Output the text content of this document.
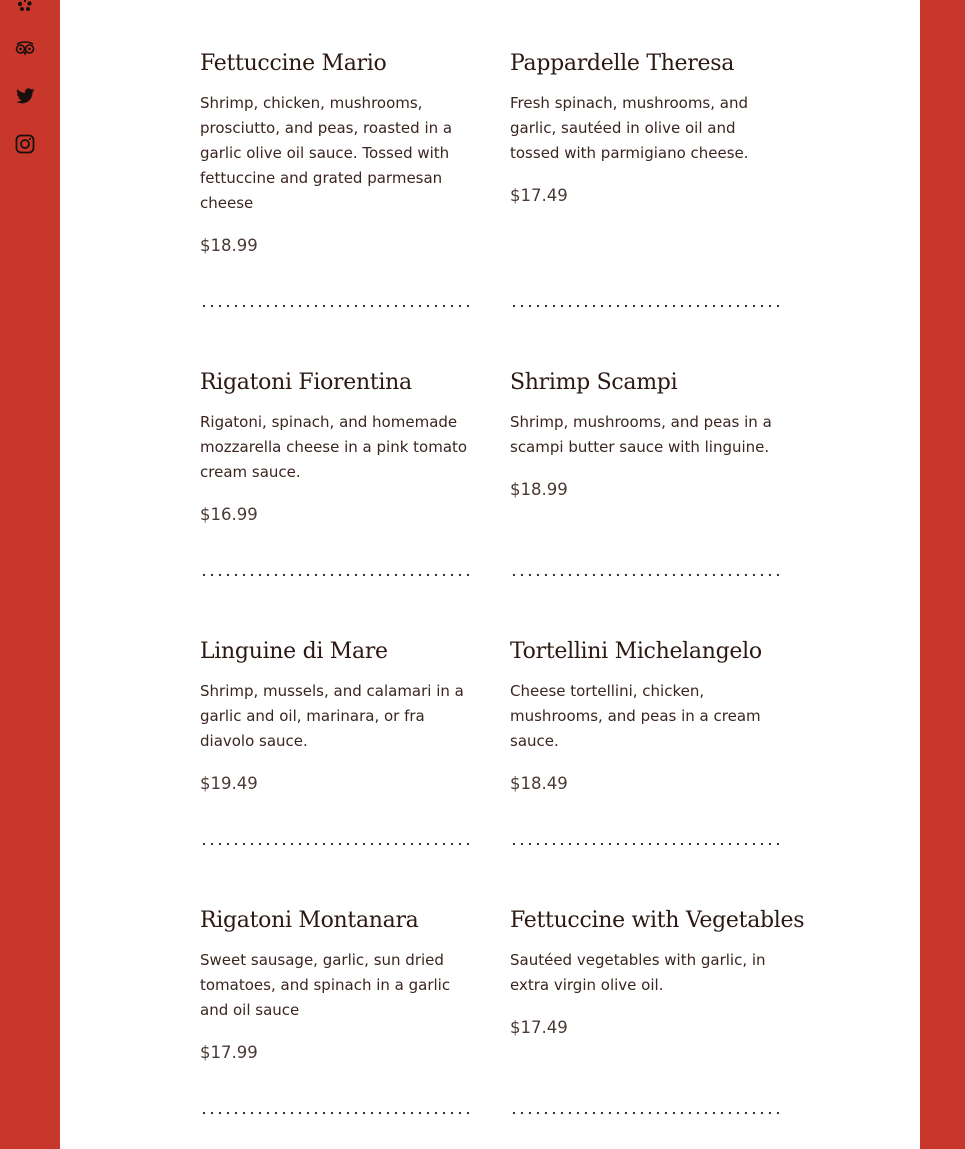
Fettuccine Mario
Shrimp, chicken, mushrooms, prosciutto, and peas, roasted in a garlic olive oil sauce. Tossed with fettuccine and grated parmesan cheese
$18.99
Pappardelle Theresa
Fresh spinach, mushrooms, and garlic, sautéed in olive oil and tossed with parmigiano cheese.
$17.49
Rigatoni Fiorentina
Rigatoni, spinach, and homemade mozzarella cheese in a pink tomato cream sauce.
$16.99
Shrimp Scampi
Shrimp, mushrooms, and peas in a scampi butter sauce with linguine.
$18.99
Linguine di Mare
Shrimp, mussels, and calamari in a garlic and oil, marinara, or fra diavolo sauce.
$19.49
Tortellini Michelangelo
Cheese tortellini, chicken, mushrooms, and peas in a cream sauce.
$18.49
Rigatoni Montanara
Sweet sausage, garlic, sun dried tomatoes, and spinach in a garlic and oil sauce
$17.99
Fettuccine with Vegetables
Sautéed vegetables with garlic, in extra virgin olive oil.
$17.49
